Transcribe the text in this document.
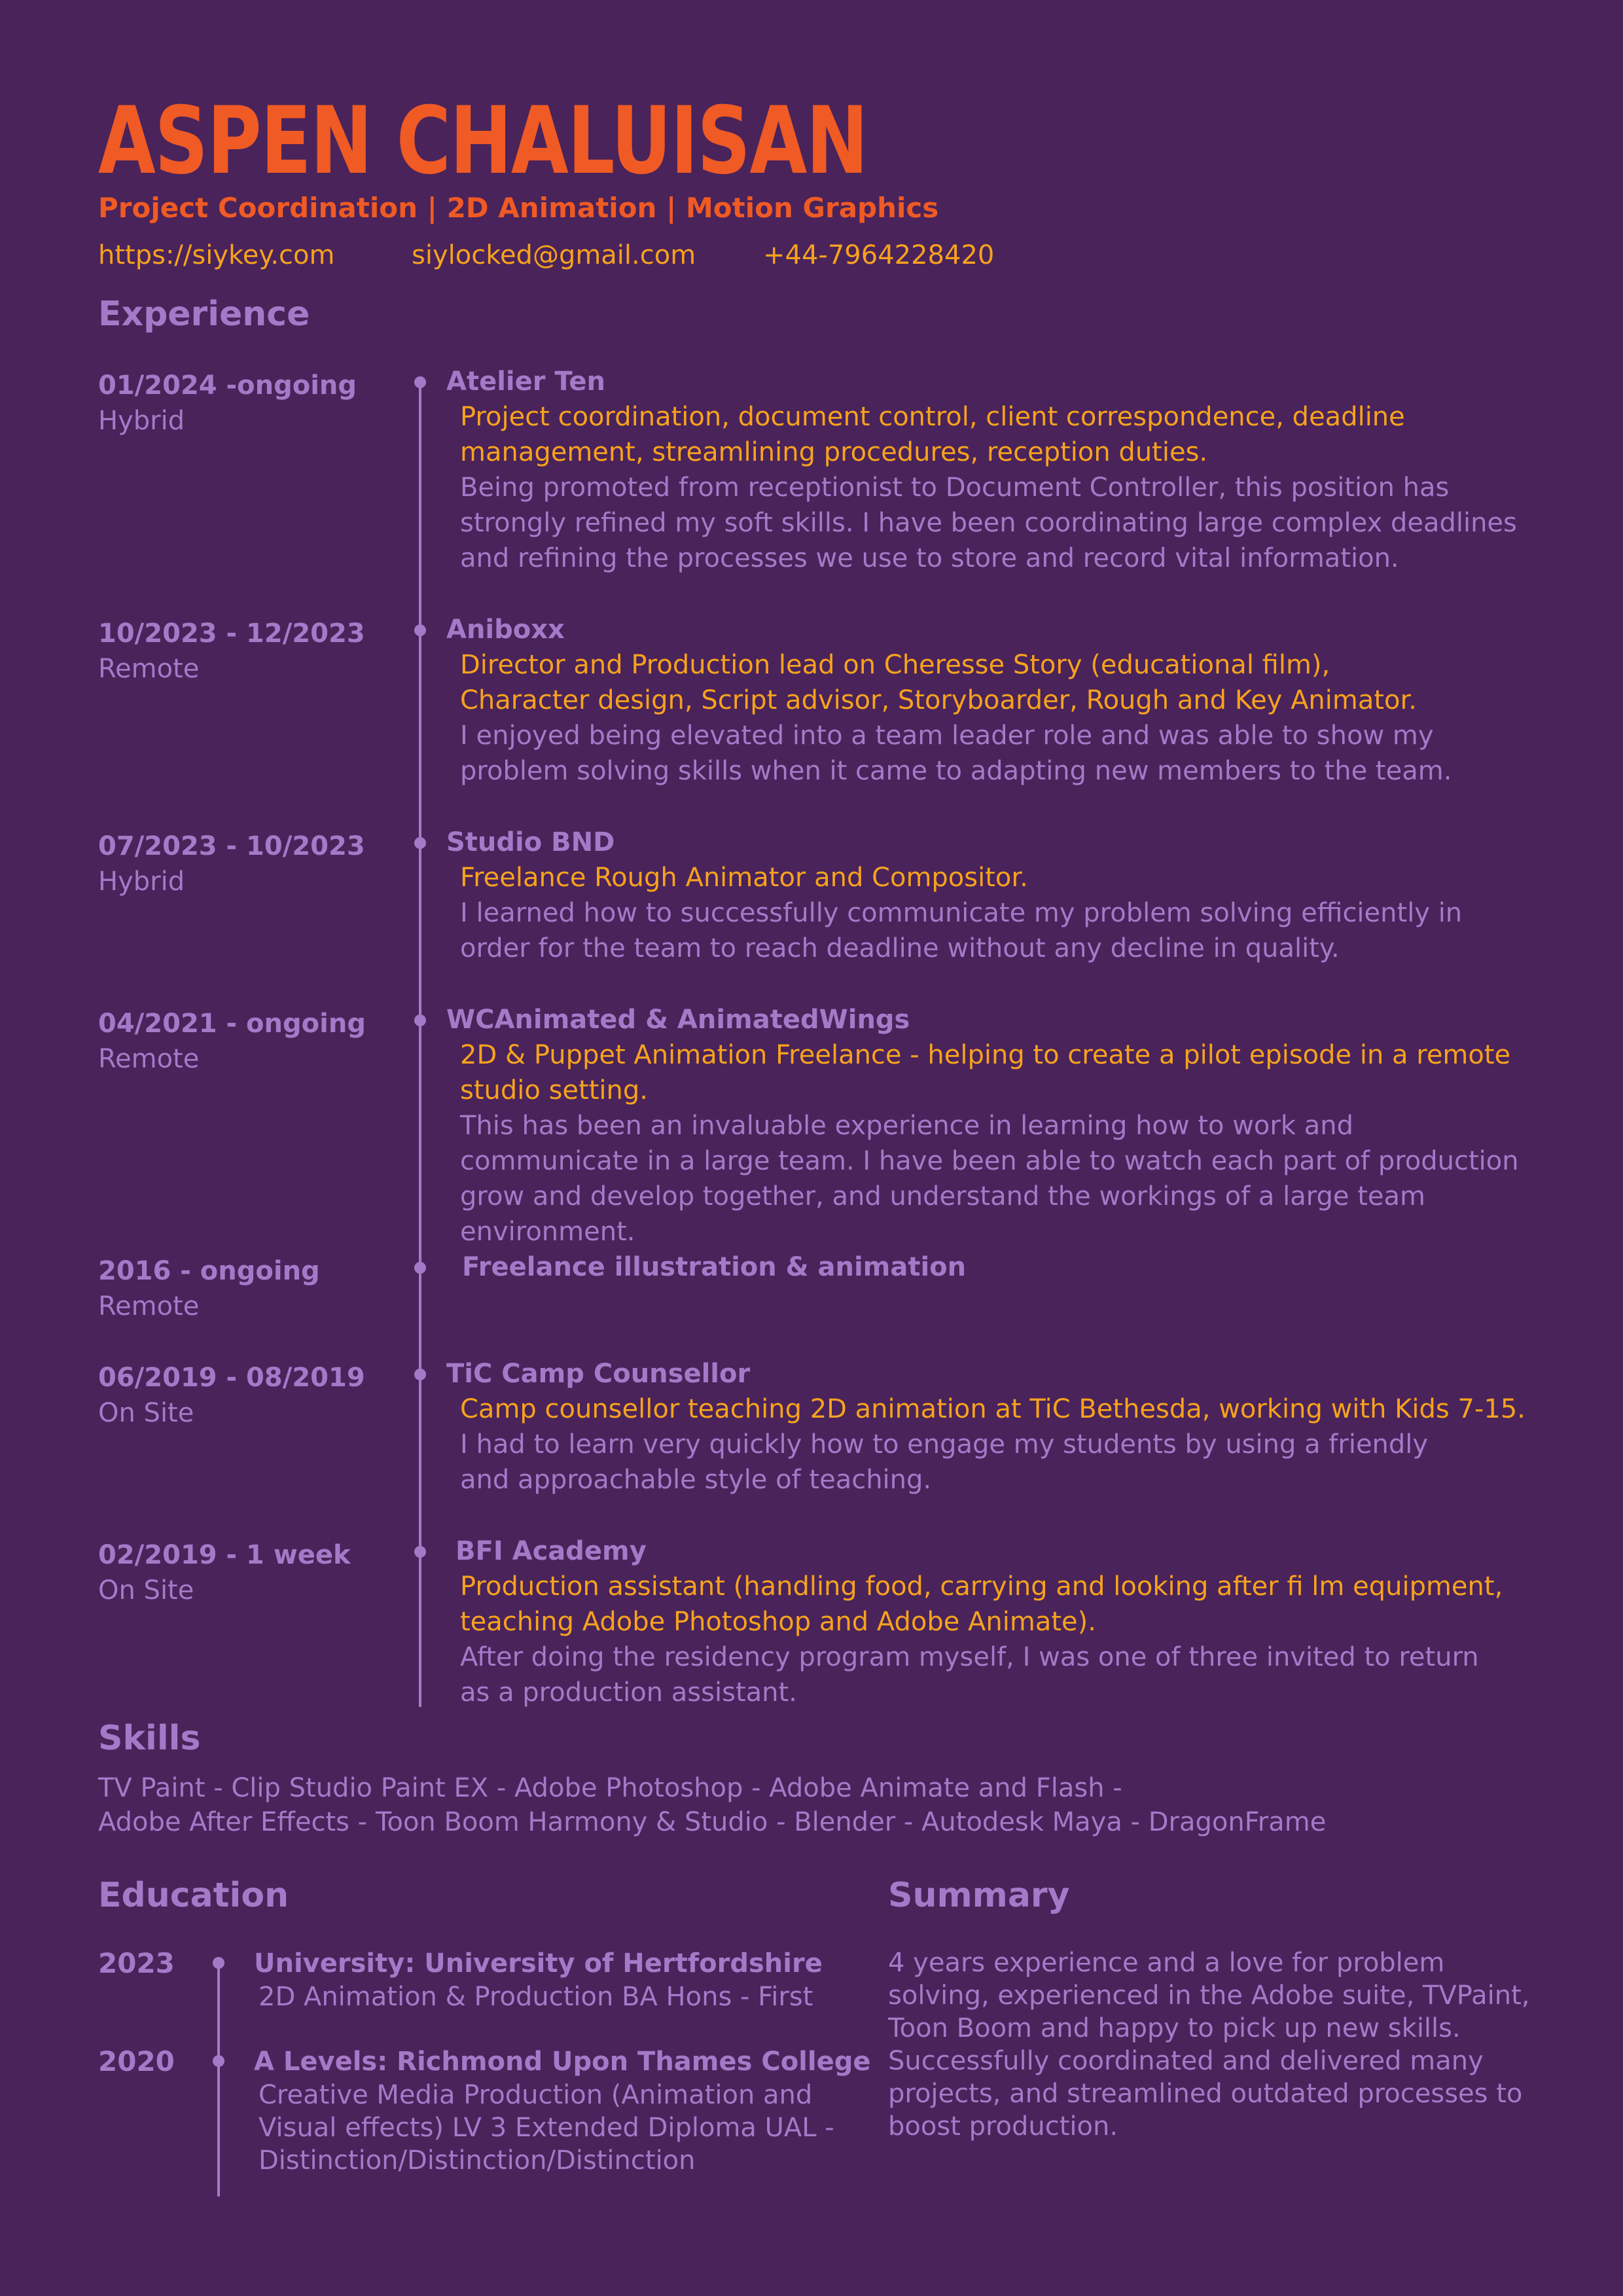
ASPEN CHALUISAN
Project Coordination | 2D Animation | Motion Graphics
https://siykey.com	siylocked@gmail.com	+44-7964228420
Experience
01/2024 -ongoing
Hybrid
Atelier Ten
Project coordination, document control, client correspondence, deadline management, streamlining procedures, reception duties.
Being promoted from receptionist to Document Controller, this position has strongly refined my soft skills. I have been coordinating large complex deadlines and refining the processes we use to store and record vital information.
10/2023 - 12/2023
Remote
Aniboxx
Director and Production lead on Cheresse Story (educational film), Character design, Script advisor, Storyboarder, Rough and Key Animator.
I enjoyed being elevated into a team leader role and was able to show my problem solving skills when it came to adapting new members to the team.
07/2023 - 10/2023
Hybrid
Studio BND
Freelance Rough Animator and Compositor.
I learned how to successfully communicate my problem solving efficiently in order for the team to reach deadline without any decline in quality.
04/2021 - ongoing
Remote
WCAnimated & AnimatedWings
2D & Puppet Animation Freelance - helping to create a pilot episode in a remote studio setting.
This has been an invaluable experience in learning how to work and communicate in a large team. I have been able to watch each part of production grow and develop together, and understand the workings of a large team environment.
2016 - ongoing
Remote
Freelance illustration & animation
06/2019 - 08/2019
On Site
TiC Camp Counsellor
Camp counsellor teaching 2D animation at TiC Bethesda, working with Kids 7-15.
I had to learn very quickly how to engage my students by using a friendly and approachable style of teaching.
02/2019 - 1 week
On Site
BFI Academy
Production assistant (handling food, carrying and looking after fi lm equipment, teaching Adobe Photoshop and Adobe Animate).
After doing the residency program myself, I was one of three invited to return as a production assistant.
Skills
TV Paint - Clip Studio Paint EX - Adobe Photoshop - Adobe Animate and Flash -
Adobe After Effects - Toon Boom Harmony & Studio - Blender - Autodesk Maya - DragonFrame
Education
2023	University: University of Hertfordshire
2D Animation & Production BA Hons - First
2020	A Levels: Richmond Upon Thames College
Creative Media Production (Animation and Visual effects) LV 3 Extended Diploma UAL - Distinction/Distinction/Distinction
Summary
4 years experience and a love for problem solving, experienced in the Adobe suite, TVPaint, Toon Boom and happy to pick up new skills. Successfully coordinated and delivered many projects, and streamlined outdated processes to boost production.
